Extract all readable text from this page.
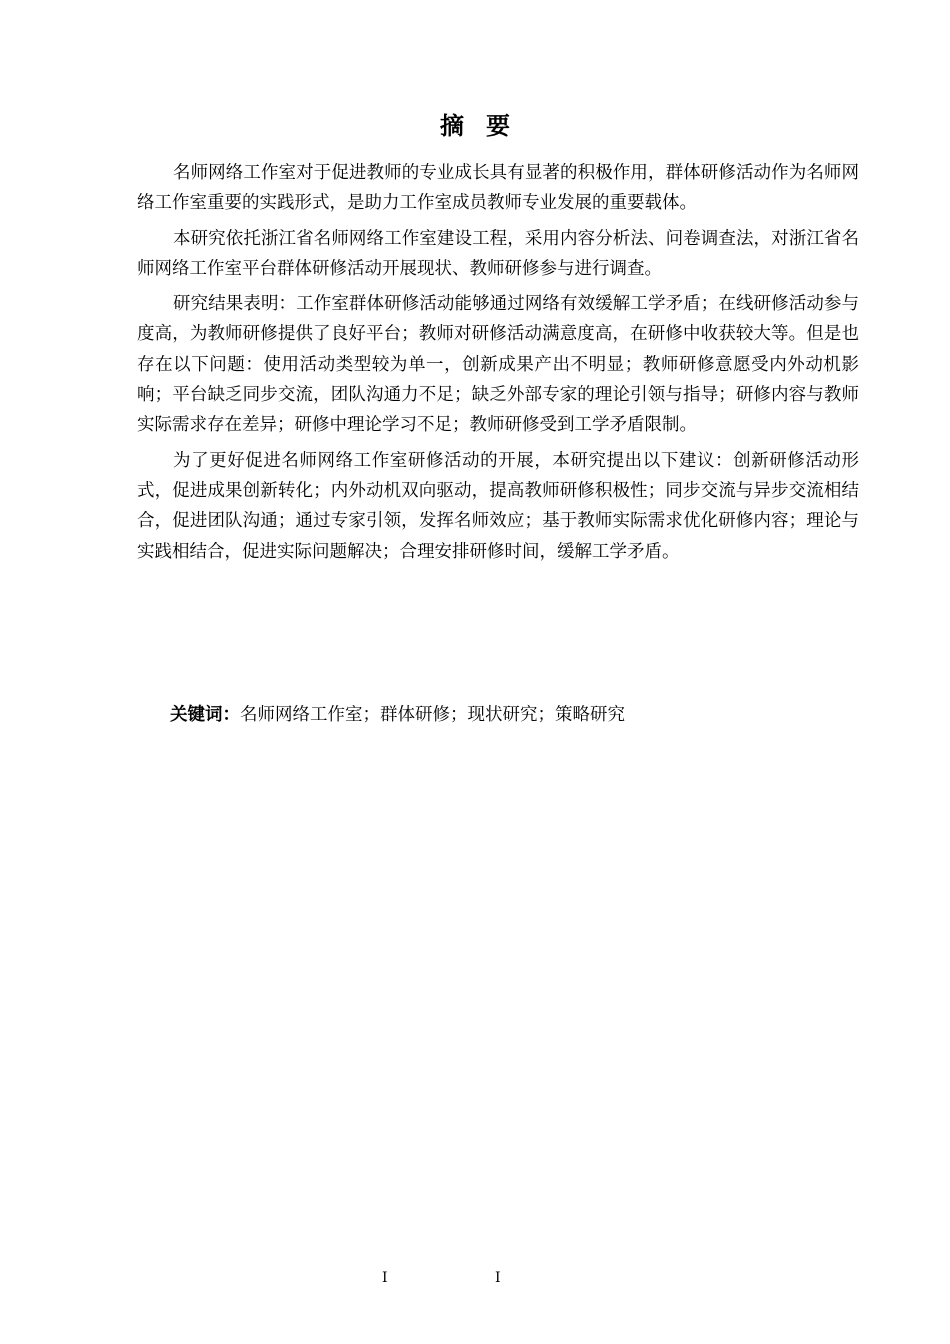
摘要

名师网络工作室对于促进教师的专业成长具有显著的积极作用，群体研修活动作为名师网络工作室重要的实践形式，是助力工作室成员教师专业发展的重要载体。

本研究依托浙江省名师网络工作室建设工程，采用内容分析法、问卷调查法，对浙江省名师网络工作室平台群体研修活动开展现状、教师研修参与进行调查。

研究结果表明：工作室群体研修活动能够通过网络有效缓解工学矛盾；在线研修活动参与度高，为教师研修提供了良好平台；教师对研修活动满意度高，在研修中收获较大等。但是也存在以下问题：使用活动类型较为单一，创新成果产出不明显；教师研修意愿受内外动机影响；平台缺乏同步交流，团队沟通力不足；缺乏外部专家的理论引领与指导；研修内容与教师实际需求存在差异；研修中理论学习不足；教师研修受到工学矛盾限制。

为了更好促进名师网络工作室研修活动的开展，本研究提出以下建议：创新研修活动形式，促进成果创新转化；内外动机双向驱动，提高教师研修积极性；同步交流与异步交流相结合，促进团队沟通；通过专家引领，发挥名师效应；基于教师实际需求优化研修内容；理论与实践相结合，促进实际问题解决；合理安排研修时间，缓解工学矛盾。

关键词：名师网络工作室；群体研修；现状研究；策略研究
I	I
